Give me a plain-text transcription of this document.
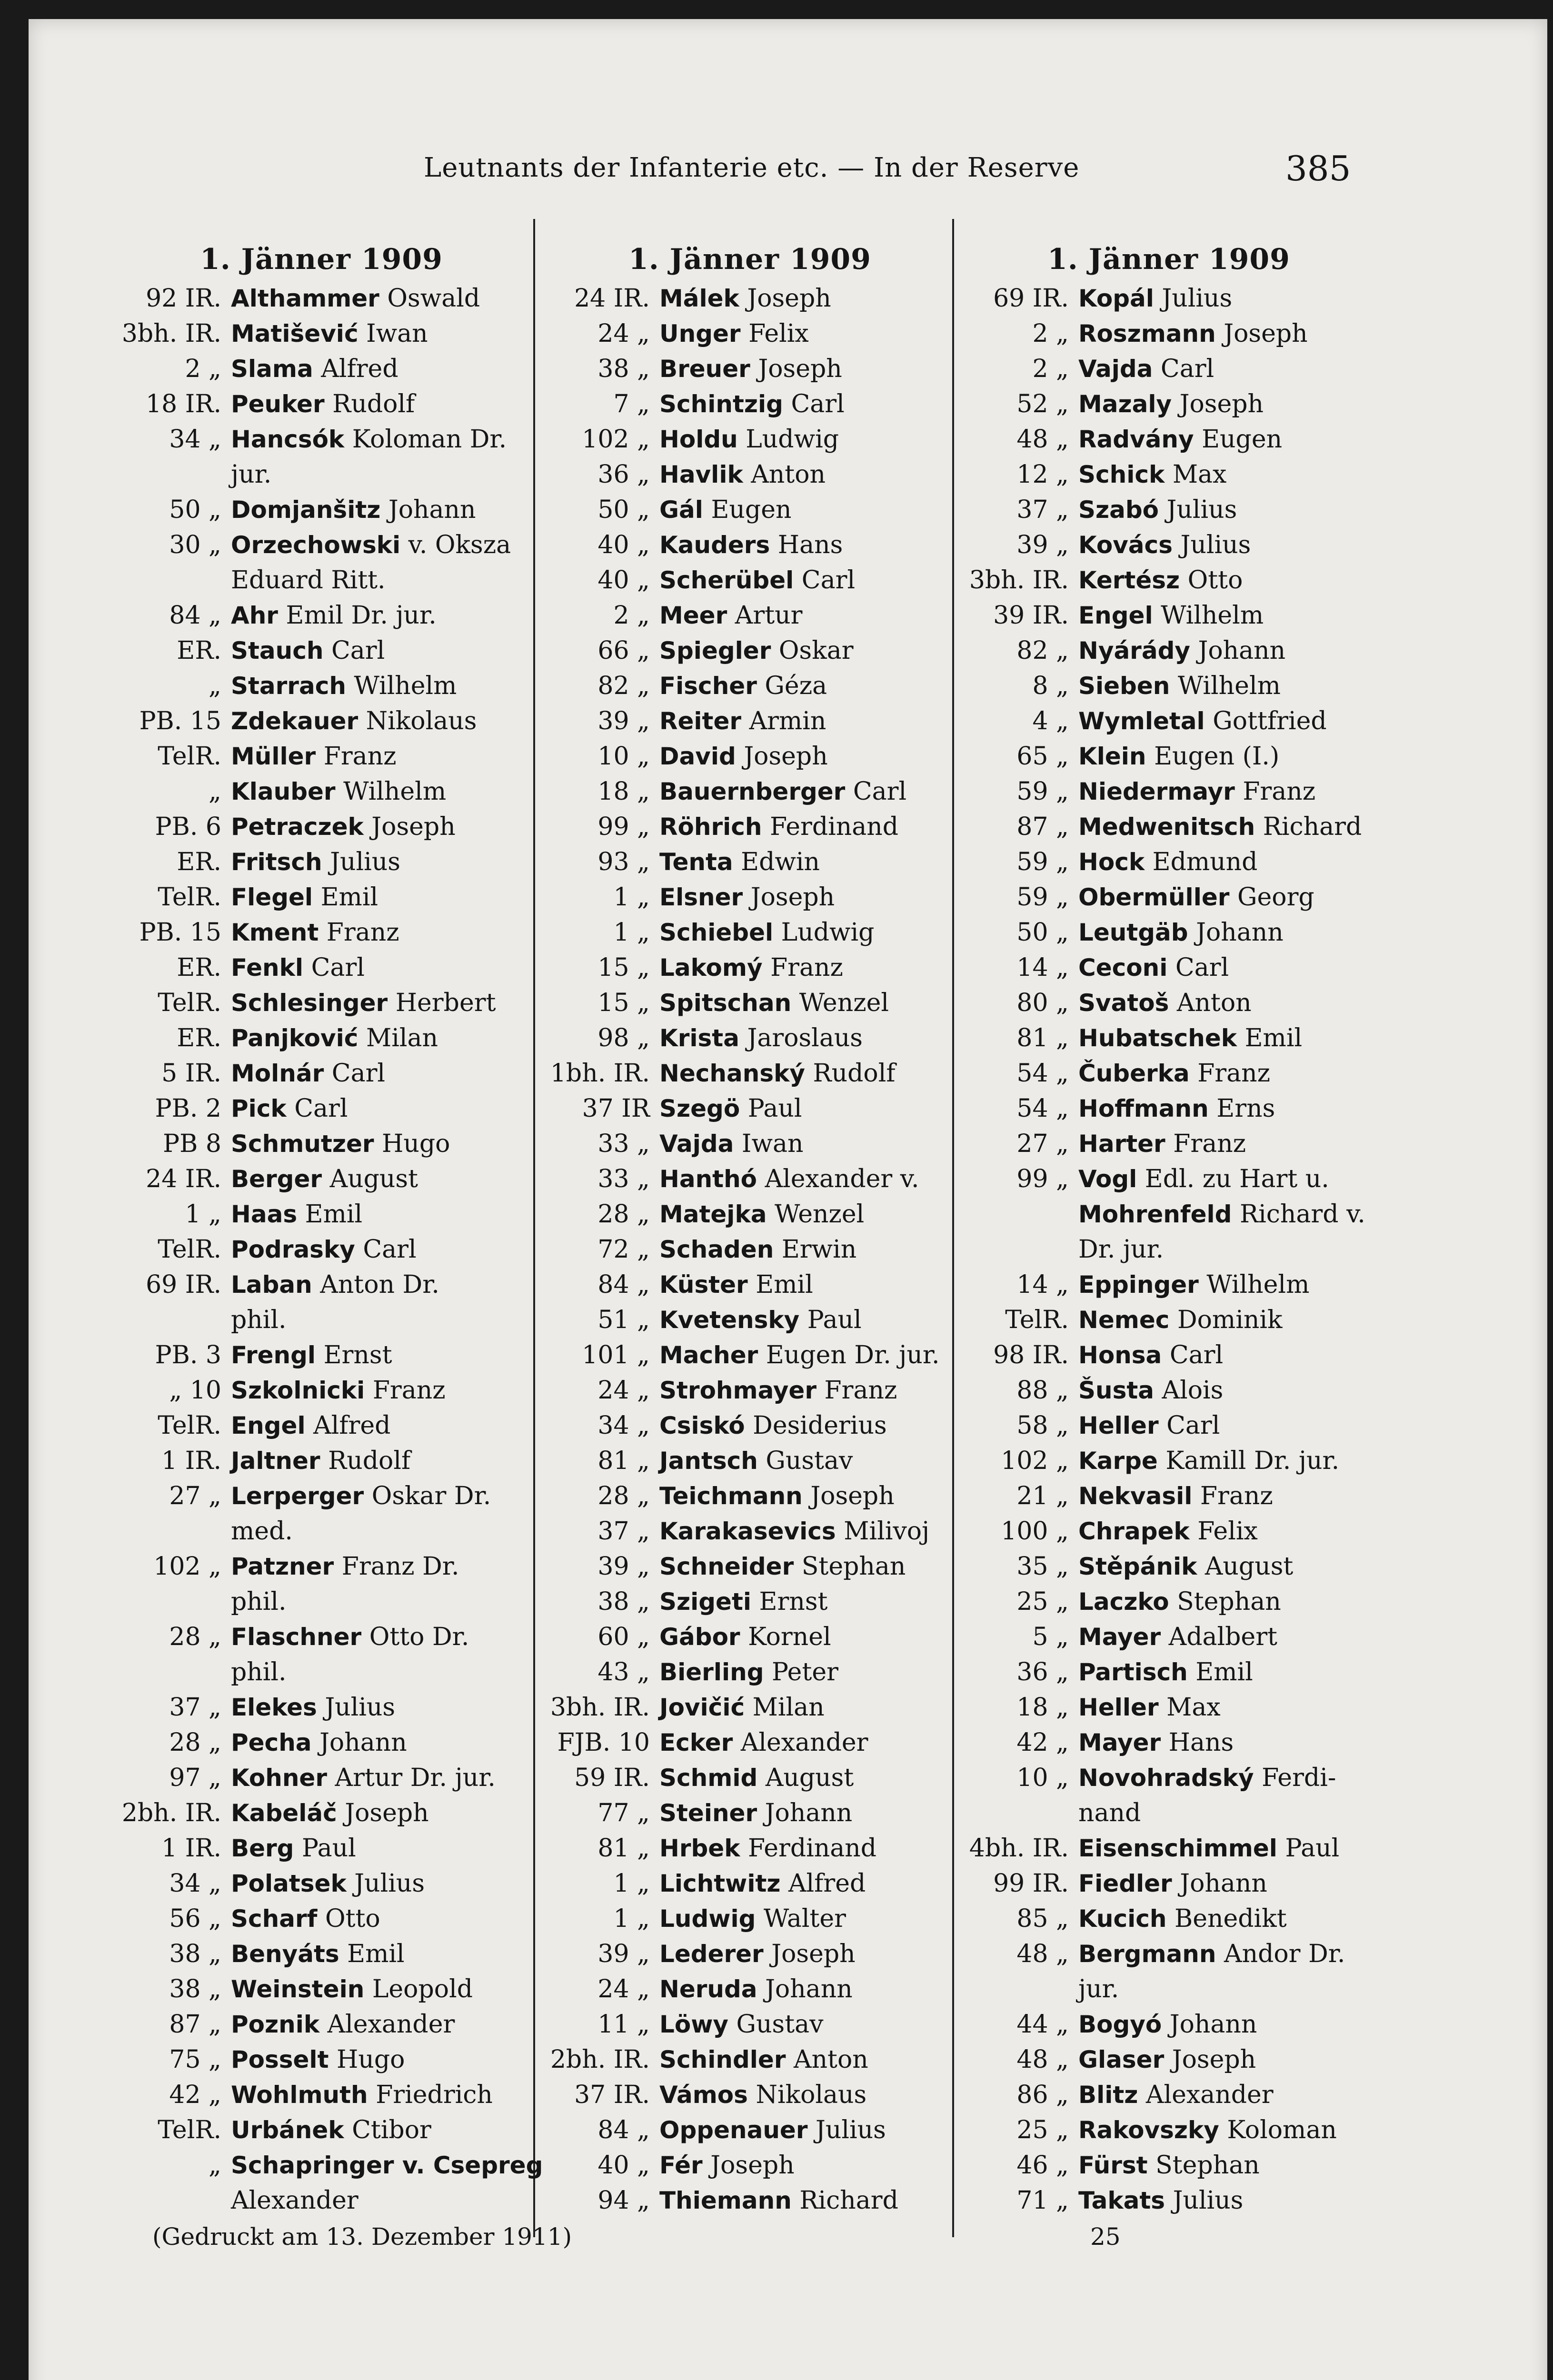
Leutnants der Infanterie etc. — In der Reserve	385
1. Jänner 1909
92 IR. Althammer Oswald
3bh. IR. Matišević Iwan
2 „ Slama Alfred
18 IR. Peuker Rudolf
34 „ Hancsók Koloman Dr.
jur.
50 „ Domjanšitz Johann
30 „ Orzechowski v. Oksza
Eduard Ritt.
84 „ Ahr Emil Dr. jur.
ER. Stauch Carl
„ Starrach Wilhelm
PB. 15 Zdekauer Nikolaus
TelR. Müller Franz
„ Klauber Wilhelm
PB. 6 Petraczek Joseph
ER. Fritsch Julius
TelR. Flegel Emil
PB. 15 Kment Franz
ER. Fenkl Carl
TelR. Schlesinger Herbert
ER. Panjković Milan
5 IR. Molnár Carl
PB. 2 Pick Carl
PB 8 Schmutzer Hugo
24 IR. Berger August
1 „ Haas Emil
TelR. Podrasky Carl
69 IR. Laban Anton Dr.
phil.
PB. 3 Frengl Ernst
„ 10 Szkolnicki Franz
TelR. Engel Alfred
1 IR. Jaltner Rudolf
27 „ Lerperger Oskar Dr.
med.
102 „ Patzner Franz Dr.
phil.
28 „ Flaschner Otto Dr.
phil.
37 „ Elekes Julius
28 „ Pecha Johann
97 „ Kohner Artur Dr. jur.
2bh. IR. Kabeláč Joseph
1 IR. Berg Paul
34 „ Polatsek Julius
56 „ Scharf Otto
38 „ Benyáts Emil
38 „ Weinstein Leopold
87 „ Poznik Alexander
75 „ Posselt Hugo
42 „ Wohlmuth Friedrich
TelR. Urbánek Ctibor
„ Schapringer v. Csepreg
Alexander
1. Jänner 1909
24 IR. Málek Joseph
24 „ Unger Felix
38 „ Breuer Joseph
7 „ Schintzig Carl
102 „ Holdu Ludwig
36 „ Havlik Anton
50 „ Gál Eugen
40 „ Kauders Hans
40 „ Scherübel Carl
2 „ Meer Artur
66 „ Spiegler Oskar
82 „ Fischer Géza
39 „ Reiter Armin
10 „ David Joseph
18 „ Bauernberger Carl
99 „ Röhrich Ferdinand
93 „ Tenta Edwin
1 „ Elsner Joseph
1 „ Schiebel Ludwig
15 „ Lakomý Franz
15 „ Spitschan Wenzel
98 „ Krista Jaroslaus
1bh. IR. Nechanský Rudolf
37 IR Szegö Paul
33 „ Vajda Iwan
33 „ Hanthó Alexander v.
28 „ Matejka Wenzel
72 „ Schaden Erwin
84 „ Küster Emil
51 „ Kvetensky Paul
101 „ Macher Eugen Dr. jur.
24 „ Strohmayer Franz
34 „ Csiskó Desiderius
81 „ Jantsch Gustav
28 „ Teichmann Joseph
37 „ Karakasevics Milivoj
39 „ Schneider Stephan
38 „ Szigeti Ernst
60 „ Gábor Kornel
43 „ Bierling Peter
3bh. IR. Jovičić Milan
FJB. 10 Ecker Alexander
59 IR. Schmid August
77 „ Steiner Johann
81 „ Hrbek Ferdinand
1 „ Lichtwitz Alfred
1 „ Ludwig Walter
39 „ Lederer Joseph
24 „ Neruda Johann
11 „ Löwy Gustav
2bh. IR. Schindler Anton
37 IR. Vámos Nikolaus
84 „ Oppenauer Julius
40 „ Fér Joseph
94 „ Thiemann Richard
1. Jänner 1909
69 IR. Kopál Julius
2 „ Roszmann Joseph
2 „ Vajda Carl
52 „ Mazaly Joseph
48 „ Radvány Eugen
12 „ Schick Max
37 „ Szabó Julius
39 „ Kovács Julius
3bh. IR. Kertész Otto
39 IR. Engel Wilhelm
82 „ Nyárády Johann
8 „ Sieben Wilhelm
4 „ Wymletal Gottfried
65 „ Klein Eugen (I.)
59 „ Niedermayr Franz
87 „ Medwenitsch Richard
59 „ Hock Edmund
59 „ Obermüller Georg
50 „ Leutgäb Johann
14 „ Ceconi Carl
80 „ Svatoš Anton
81 „ Hubatschek Emil
54 „ Čuberka Franz
54 „ Hoffmann Erns
27 „ Harter Franz
99 „ Vogl Edl. zu Hart u.
Mohrenfeld Richard v.
Dr. jur.
14 „ Eppinger Wilhelm
TelR. Nemec Dominik
98 IR. Honsa Carl
88 „ Šusta Alois
58 „ Heller Carl
102 „ Karpe Kamill Dr. jur.
21 „ Nekvasil Franz
100 „ Chrapek Felix
35 „ Stěpánik August
25 „ Laczko Stephan
5 „ Mayer Adalbert
36 „ Partisch Emil
18 „ Heller Max
42 „ Mayer Hans
10 „ Novohradský Ferdi-
nand
4bh. IR. Eisenschimmel Paul
99 IR. Fiedler Johann
85 „ Kucich Benedikt
48 „ Bergmann Andor Dr.
jur.
44 „ Bogyó Johann
48 „ Glaser Joseph
86 „ Blitz Alexander
25 „ Rakovszky Koloman
46 „ Fürst Stephan
71 „ Takats Julius
(Gedruckt am 13. Dezember 1911)	25
